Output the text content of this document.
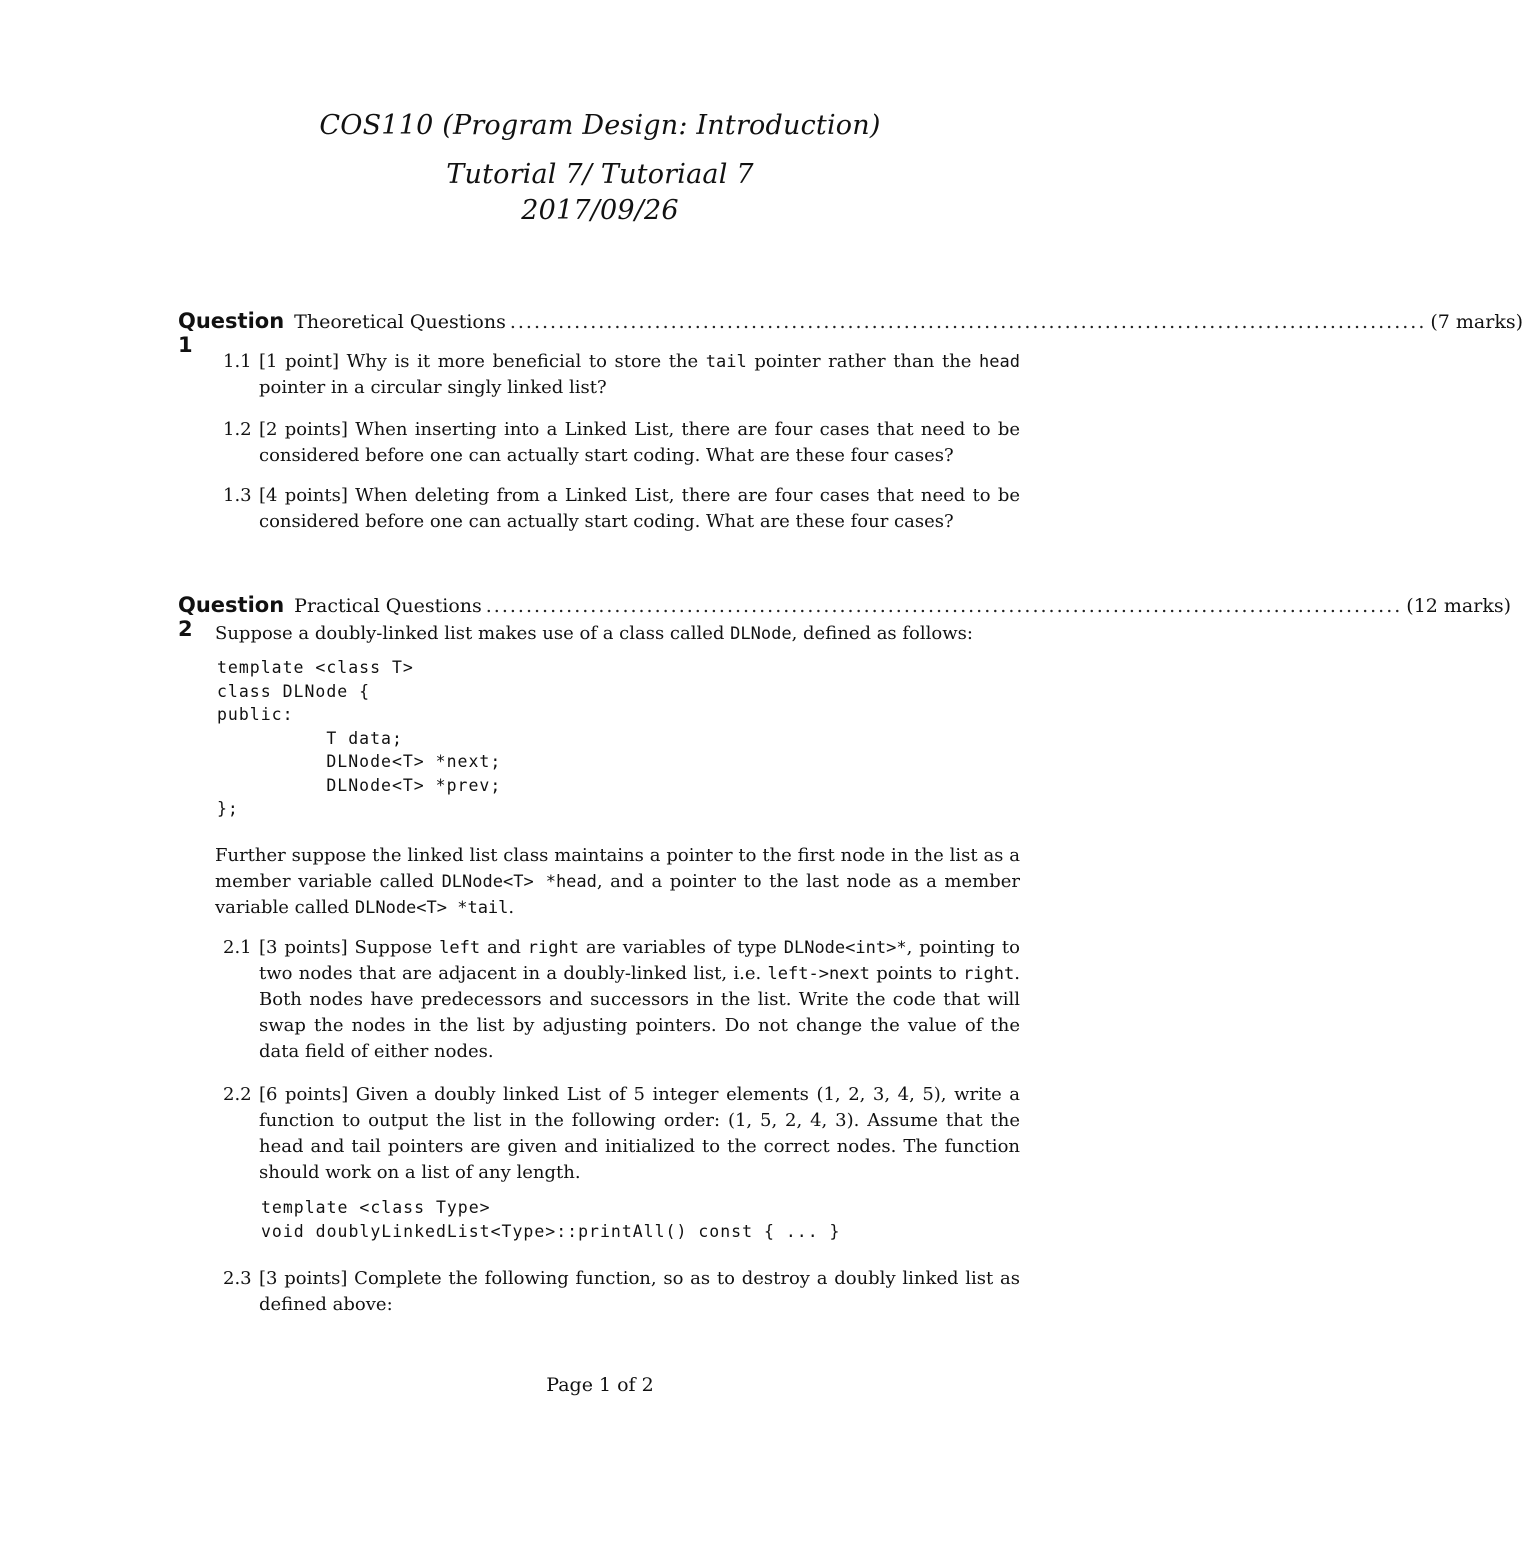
COS110 (Program Design: Introduction)
Tutorial 7/ Tutoriaal 7
2017/09/26
Question 1
Theoretical Questions .................................................................................................................. (7 marks)
1.1 [1 point] Why is it more beneficial to store the tail pointer rather than the head pointer in a circular singly linked list?
1.2 [2 points] When inserting into a Linked List, there are four cases that need to be considered before one can actually start coding. What are these four cases?
1.3 [4 points] When deleting from a Linked List, there are four cases that need to be considered before one can actually start coding. What are these four cases?
Question 2
Practical Questions .................................................................................................................. (12 marks)
Suppose a doubly-linked list makes use of a class called DLNode, defined as follows:
template <class T>
class DLNode {
public:
T data;
DLNode<T> *next;
DLNode<T> *prev;
};
Further suppose the linked list class maintains a pointer to the first node in the list as a member variable called DLNode<T> *head, and a pointer to the last node as a member variable called DLNode<T> *tail.
2.1 [3 points] Suppose left and right are variables of type DLNode<int>*, pointing to two nodes that are adjacent in a doubly-linked list, i.e. left->next points to right. Both nodes have predecessors and successors in the list. Write the code that will swap the nodes in the list by adjusting pointers. Do not change the value of the data field of either nodes.
2.2 [6 points] Given a doubly linked List of 5 integer elements (1, 2, 3, 4, 5), write a function to output the list in the following order: (1, 5, 2, 4, 3). Assume that the head and tail pointers are given and initialized to the correct nodes. The function should work on a list of any length.
template <class Type>
void doublyLinkedList<Type>::printAll() const { ... }
2.3 [3 points] Complete the following function, so as to destroy a doubly linked list as defined above:
Page 1 of 2
